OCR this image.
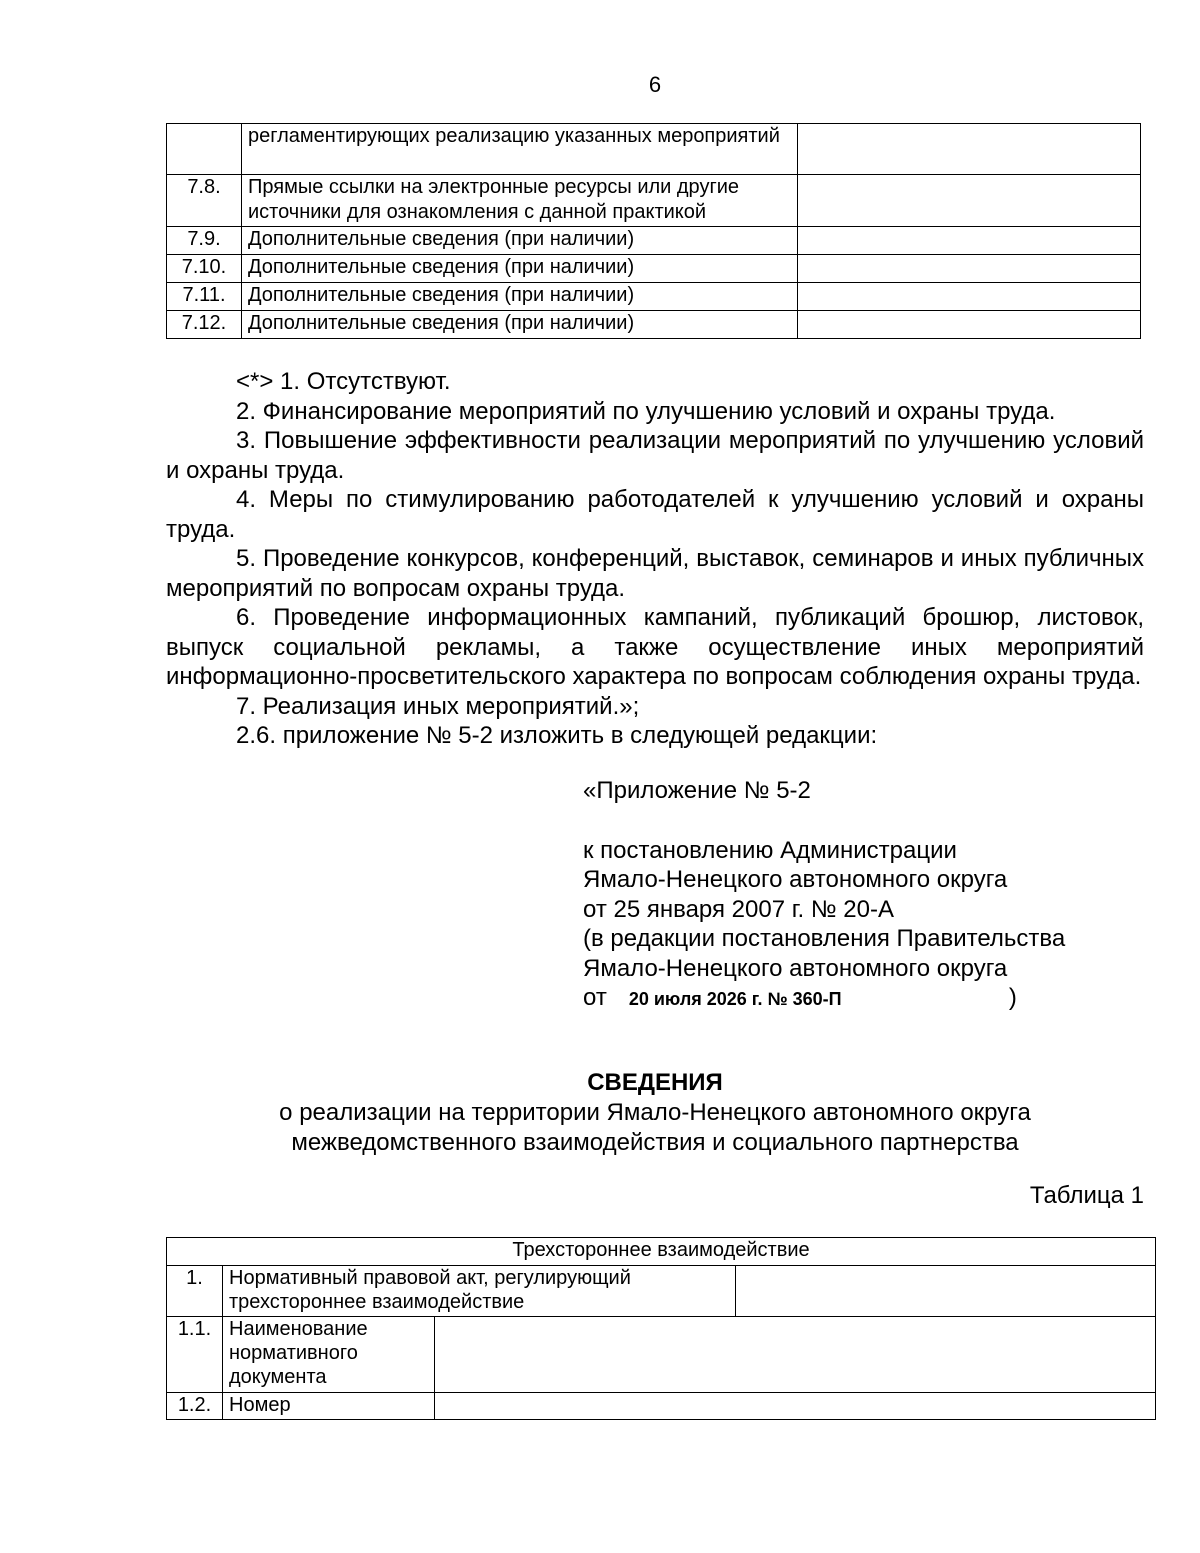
6
	регламентирующих реализацию указанных мероприятий	
7.8.	Прямые ссылки на электронные ресурсы или другие источники для ознакомления с данной практикой	
7.9.	Дополнительные сведения (при наличии)	
7.10.	Дополнительные сведения (при наличии)	
7.11.	Дополнительные сведения (при наличии)	
7.12.	Дополнительные сведения (при наличии)	

<*> 1. Отсутствуют.

2. Финансирование мероприятий по улучшению условий и охраны труда.

3. Повышение эффективности реализации мероприятий по улучшению условий и охраны труда.

4. Меры по стимулированию работодателей к улучшению условий и охраны труда.

5. Проведение конкурсов, конференций, выставок, семинаров и иных публичных мероприятий по вопросам охраны труда.

6. Проведение информационных кампаний, публикаций брошюр, листовок, выпуск социальной рекламы, а также осуществление иных мероприятий информационно-просветительского характера по вопросам соблюдения охраны труда.

7. Реализация иных мероприятий.»;

2.6. приложение № 5-2 изложить в следующей редакции:

«Приложение № 5-2

к постановлению Администрации

Ямало-Ненецкого автономного округа

от 25 января 2007 г. № 20-А

(в редакции постановления Правительства

Ямало-Ненецкого автономного округа

от 20 июля 2026 г. № 360-П	)

СВЕДЕНИЯ

о реализации на территории Ямало-Ненецкого автономного округа

межведомственного взаимодействия и социального партнерства

Таблица 1
Трехстороннее взаимодействие			
1.	Нормативный правовой акт, регулирующий трехстороннее взаимодействие		
1.1.	Наименование нормативного документа		
1.2.	Номер		
